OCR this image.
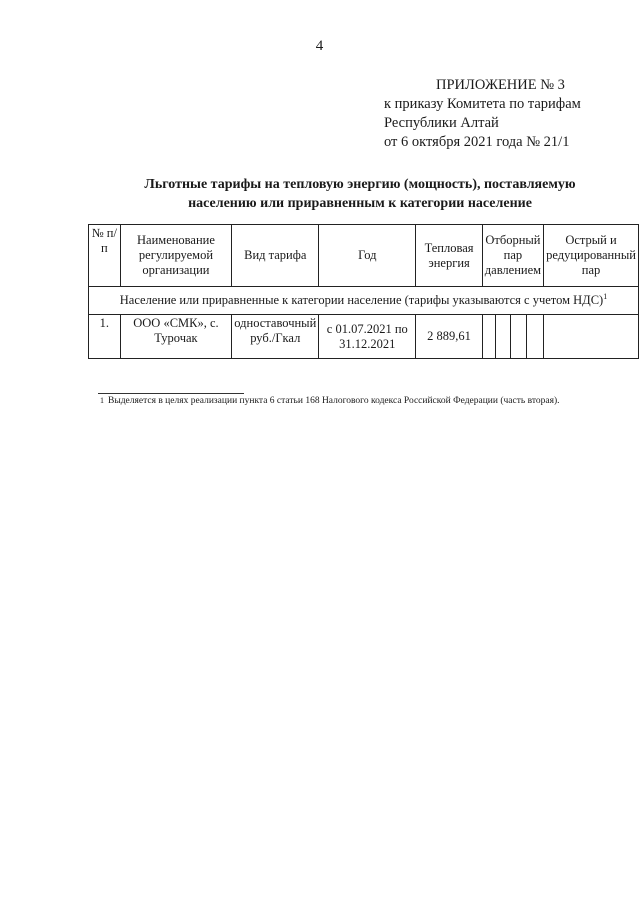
4
ПРИЛОЖЕНИЕ № 3
к приказу Комитета по тарифам
Республики Алтай
от 6 октября 2021 года № 21/1
Льготные тарифы на тепловую энергию (мощность), поставляемую
населению или приравненным к категории население
№ п/п	Наименование регулируемой организации	Вид тарифа	Год	Тепловая энергия	Отборный пар давлением				Острый и редуцированный пар
Население или приравненные к категории население (тарифы указываются с учетом НДС)$^1$
1.	ООО «СМК», с. Турочак	одноставочный руб./Гкал	с 01.07.2021 по 31.12.2021	2 889,61					
$^1$ Выделяется в целях реализации пункта 6 статьи 168 Налогового кодекса Российской Федерации (часть вторая).
